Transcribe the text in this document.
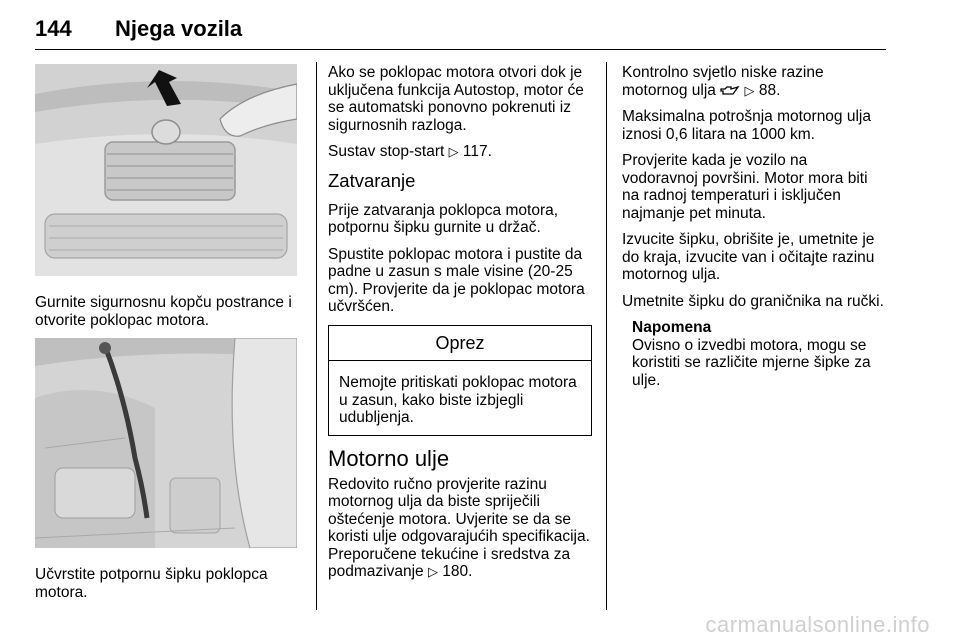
144 Njega vozila
Gurnite sigurnosnu kopču postrance i otvorite poklopac motora.
Učvrstite potpornu šipku poklopca motora.

Ako se poklopac motora otvori dok je uključena funkcija Autostop, motor će se automatski ponovno pokrenuti iz sigurnosnih razloga.

Sustav stop-start ▷ 117.

Zatvaranje

Prije zatvaranja poklopca motora, potpornu šipku gurnite u držač.

Spustite poklopac motora i pustite da padne u zasun s male visine (20-25 cm). Provjerite da je poklopac motora učvršćen.

Oprez
Nemojte pritiskati poklopac motora u zasun, kako biste izbjegli udubljenja.
Motorno ulje

Redovito ručno provjerite razinu motornog ulja da biste spriječili oštećenje motora. Uvjerite se da se koristi ulje odgovarajućih specifikacija. Preporučene tekućine i sredstva za podmazivanje ▷ 180.

Kontrolno svjetlo niske razine motornog ulja ▷ 88.

Maksimalna potrošnja motornog ulja iznosi 0,6 litara na 1000 km.

Provjerite kada je vozilo na vodoravnoj površini. Motor mora biti na radnoj temperaturi i isključen najmanje pet minuta.

Izvucite šipku, obrišite je, umetnite je do kraja, izvucite van i očitajte razinu motornog ulja.

Umetnite šipku do graničnika na ručki.

Napomena
Ovisno o izvedbi motora, mogu se koristiti se različite mjerne šipke za ulje.
carmanualsonline.info
